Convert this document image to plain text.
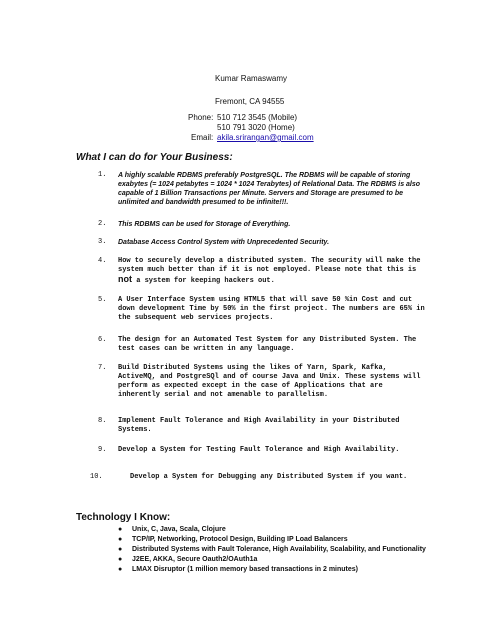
Kumar Ramaswamy
Fremont, CA 94555
Phone: 510 712 3545 (Mobile)
510 791 3020 (Home)
Email: akila.srirangan@gmail.com
What I can do for Your Business:
1. A highly scalable RDBMS preferably PostgreSQL. The RDBMS will be capable of storing exabytes (= 1024 petabytes = 1024 * 1024 Terabytes) of Relational Data. The RDBMS is also capable of 1 Billion Transactions per Minute. Servers and Storage are presumed to be unlimited and bandwidth presumed to be infinite!!!.
2. This RDBMS can be used for Storage of Everything.
3. Database Access Control System with Unprecedented Security.
4. How to securely develop a distributed system. The security will make the system much better than if it is not employed. Please note that this is not a system for keeping hackers out.
5. A User Interface System using HTML5 that will save 50 %in Cost and cut down development Time by 50% in the first project. The numbers are 65% in the subsequent web services projects.
6. The design for an Automated Test System for any Distributed System. The test cases can be written in any language.
7. Build Distributed Systems using the likes of Yarn, Spark, Kafka, ActiveMQ, and PostgreSQl and of course Java and Unix. These systems will perform as expected except in the case of Applications that are inherently serial and not amenable to parallelism.
8. Implement Fault Tolerance and High Availability in your Distributed Systems.
9. Develop a System for Testing Fault Tolerance and High Availability.
10.	Develop a System for Debugging any Distributed System if you want.
Technology I Know:
● Unix, C, Java, Scala, Clojure
● TCP/IP, Networking, Protocol Design, Building IP Load Balancers
● Distributed Systems with Fault Tolerance, High Availability, Scalability, and Functionality
● J2EE, AKKA, Secure Oauth2/OAuth1a
● LMAX Disruptor (1 million memory based transactions in 2 minutes)
